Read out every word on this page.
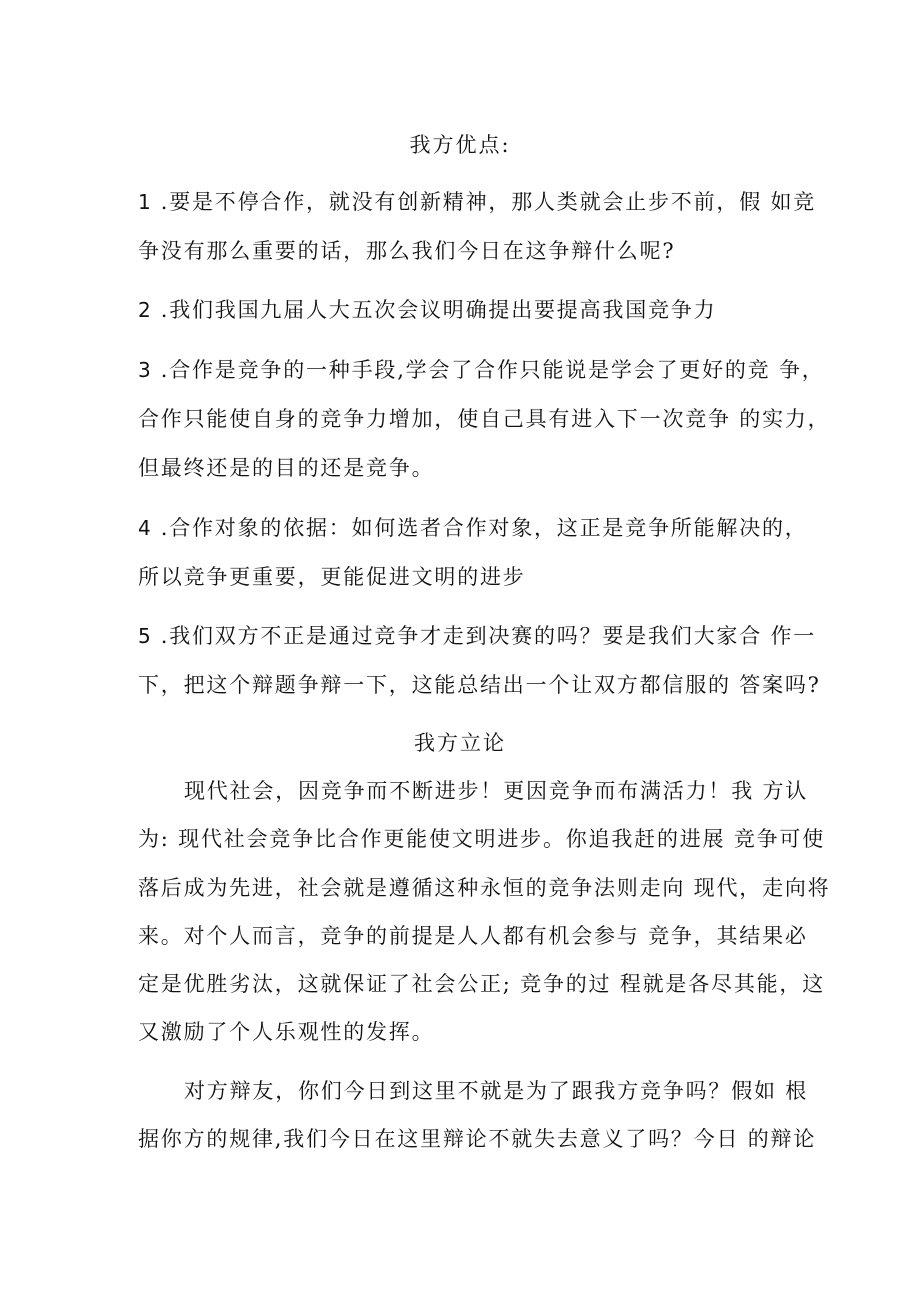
我方优点:
1 .要是不停合作，就没有创新精神，那人类就会止步不前，假 如竞
争没有那么重要的话，那么我们今日在这争辩什么呢?
2 .我们我国九届人大五次会议明确提出要提高我国竞争力
3 .合作是竞争的一种手段,学会了合作只能说是学会了更好的竞 争，
合作只能使自身的竞争力增加，使自己具有进入下一次竞争 的实力，
但最终还是的目的还是竞争。
4 .合作对象的依据：如何选者合作对象，这正是竞争所能解决的，
所以竞争更重要，更能促进文明的进步
5 .我们双方不正是通过竞争才走到决赛的吗？要是我们大家合 作一
下，把这个辩题争辩一下，这能总结出一个让双方都信服的 答案吗?
我方立论
现代社会，因竞争而不断进步！更因竞争而布满活力！我 方认
为: 现代社会竞争比合作更能使文明进步。你追我赶的进展 竞争可使
落后成为先进，社会就是遵循这种永恒的竞争法则走向 现代，走向将
来。对个人而言，竞争的前提是人人都有机会参与 竞争，其结果必
定是优胜劣汰，这就保证了社会公正; 竞争的过 程就是各尽其能，这
又激励了个人乐观性的发挥。
对方辩友，你们今日到这里不就是为了跟我方竞争吗？假如 根
据你方的规律,我们今日在这里辩论不就失去意义了吗？今日 的辩论
